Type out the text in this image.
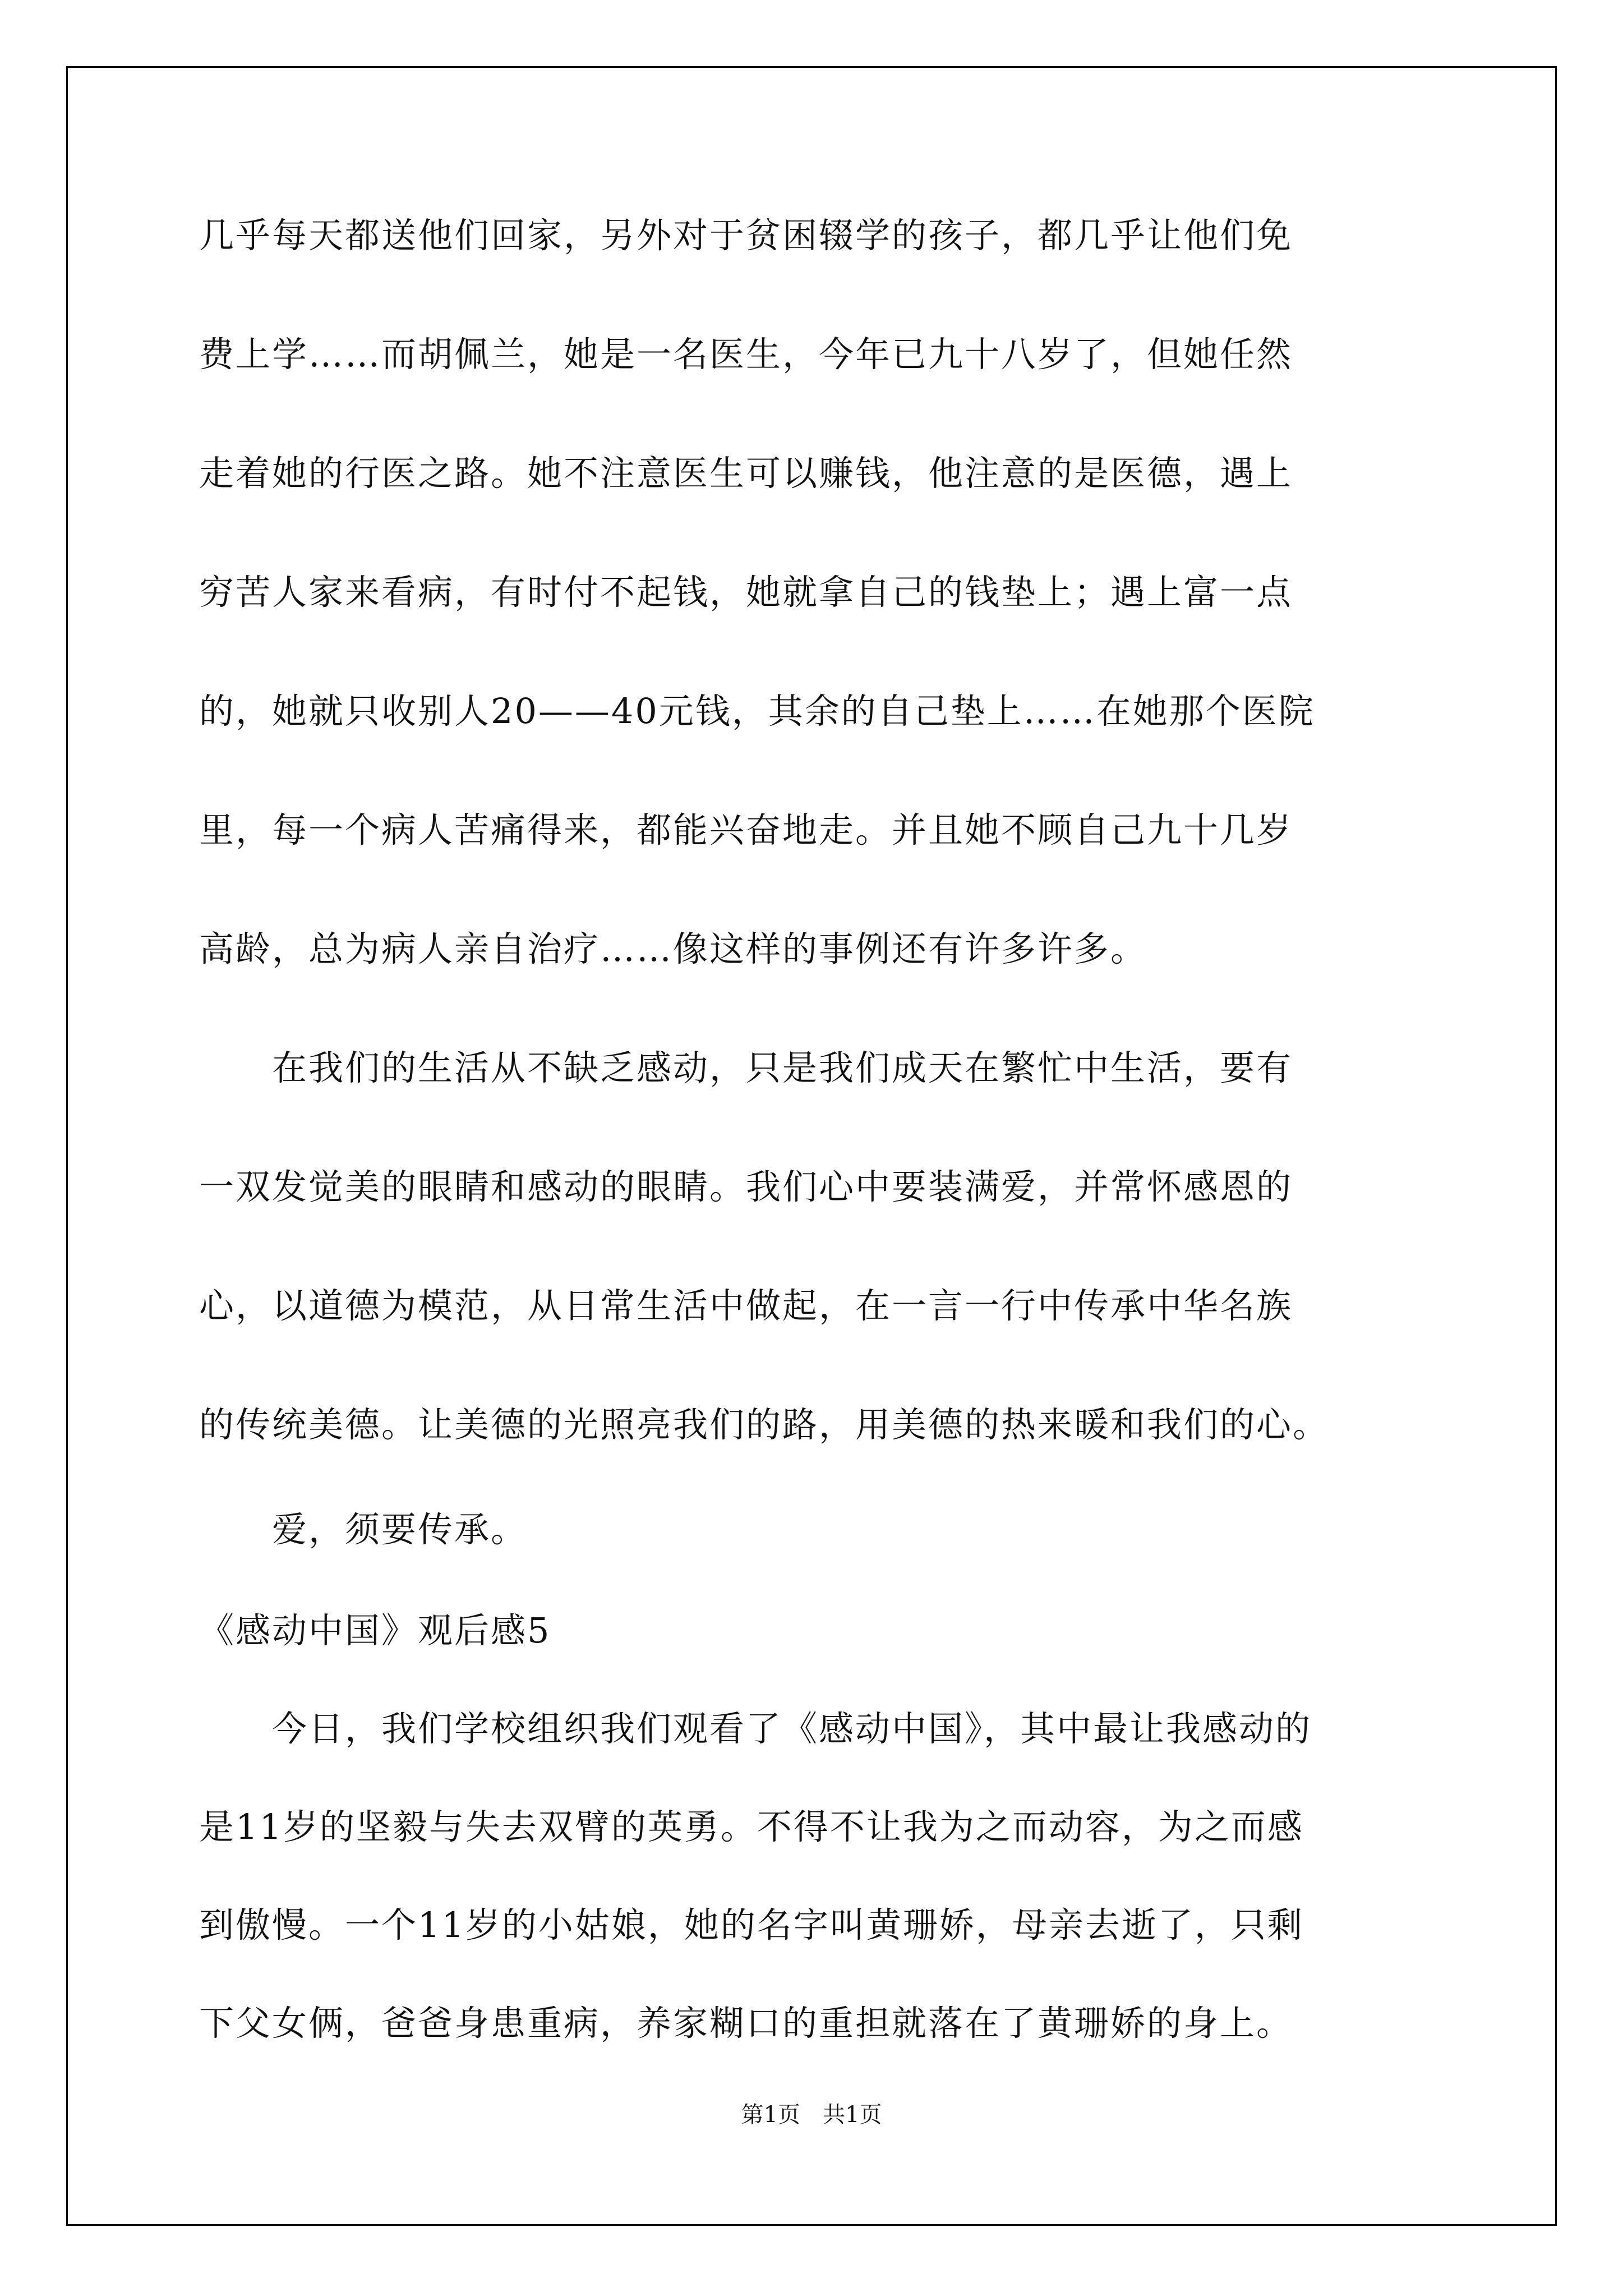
几乎每天都送他们回家，另外对于贫困辍学的孩子，都几乎让他们免
费上学……而胡佩兰，她是一名医生，今年已九十八岁了，但她任然
走着她的行医之路。她不注意医生可以赚钱，他注意的是医德，遇上
穷苦人家来看病，有时付不起钱，她就拿自己的钱垫上；遇上富一点
的，她就只收别人20——40元钱，其余的自己垫上……在她那个医院
里，每一个病人苦痛得来，都能兴奋地走。并且她不顾自己九十几岁
高龄，总为病人亲自治疗……像这样的事例还有许多许多。
在我们的生活从不缺乏感动，只是我们成天在繁忙中生活，要有
一双发觉美的眼睛和感动的眼睛。我们心中要装满爱，并常怀感恩的
心，以道德为模范，从日常生活中做起，在一言一行中传承中华名族
的传统美德。让美德的光照亮我们的路，用美德的热来暖和我们的心。
爱，须要传承。
《感动中国》观后感5
今日，我们学校组织我们观看了《感动中国》，其中最让我感动的
是11岁的坚毅与失去双臂的英勇。不得不让我为之而动容，为之而感
到傲慢。一个11岁的小姑娘，她的名字叫黄珊娇，母亲去逝了，只剩
下父女俩，爸爸身患重病，养家糊口的重担就落在了黄珊娇的身上。
第1页　共1页
